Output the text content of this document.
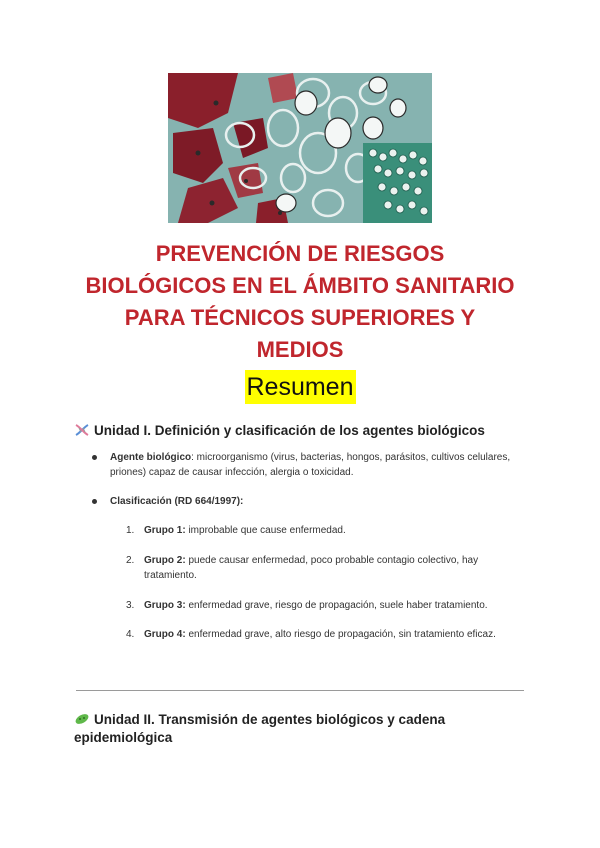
PREVENCIÓN DE RIESGOS
BIOLÓGICOS EN EL ÁMBITO SANITARIO
PARA TÉCNICOS SUPERIORES Y
MEDIOS
Resumen
Unidad I. Definición y clasificación de los agentes biológicos
Agente biológico: microorganismo (virus, bacterias, hongos, parásitos, cultivos celulares, priones) capaz de causar infección, alergia o toxicidad.
Clasificación (RD 664/1997):
1. Grupo 1: improbable que cause enfermedad.
2. Grupo 2: puede causar enfermedad, poco probable contagio colectivo, hay tratamiento.
3. Grupo 3: enfermedad grave, riesgo de propagación, suele haber tratamiento.
4. Grupo 4: enfermedad grave, alto riesgo de propagación, sin tratamiento eficaz.
Unidad II. Transmisión de agentes biológicos y cadena epidemiológica
